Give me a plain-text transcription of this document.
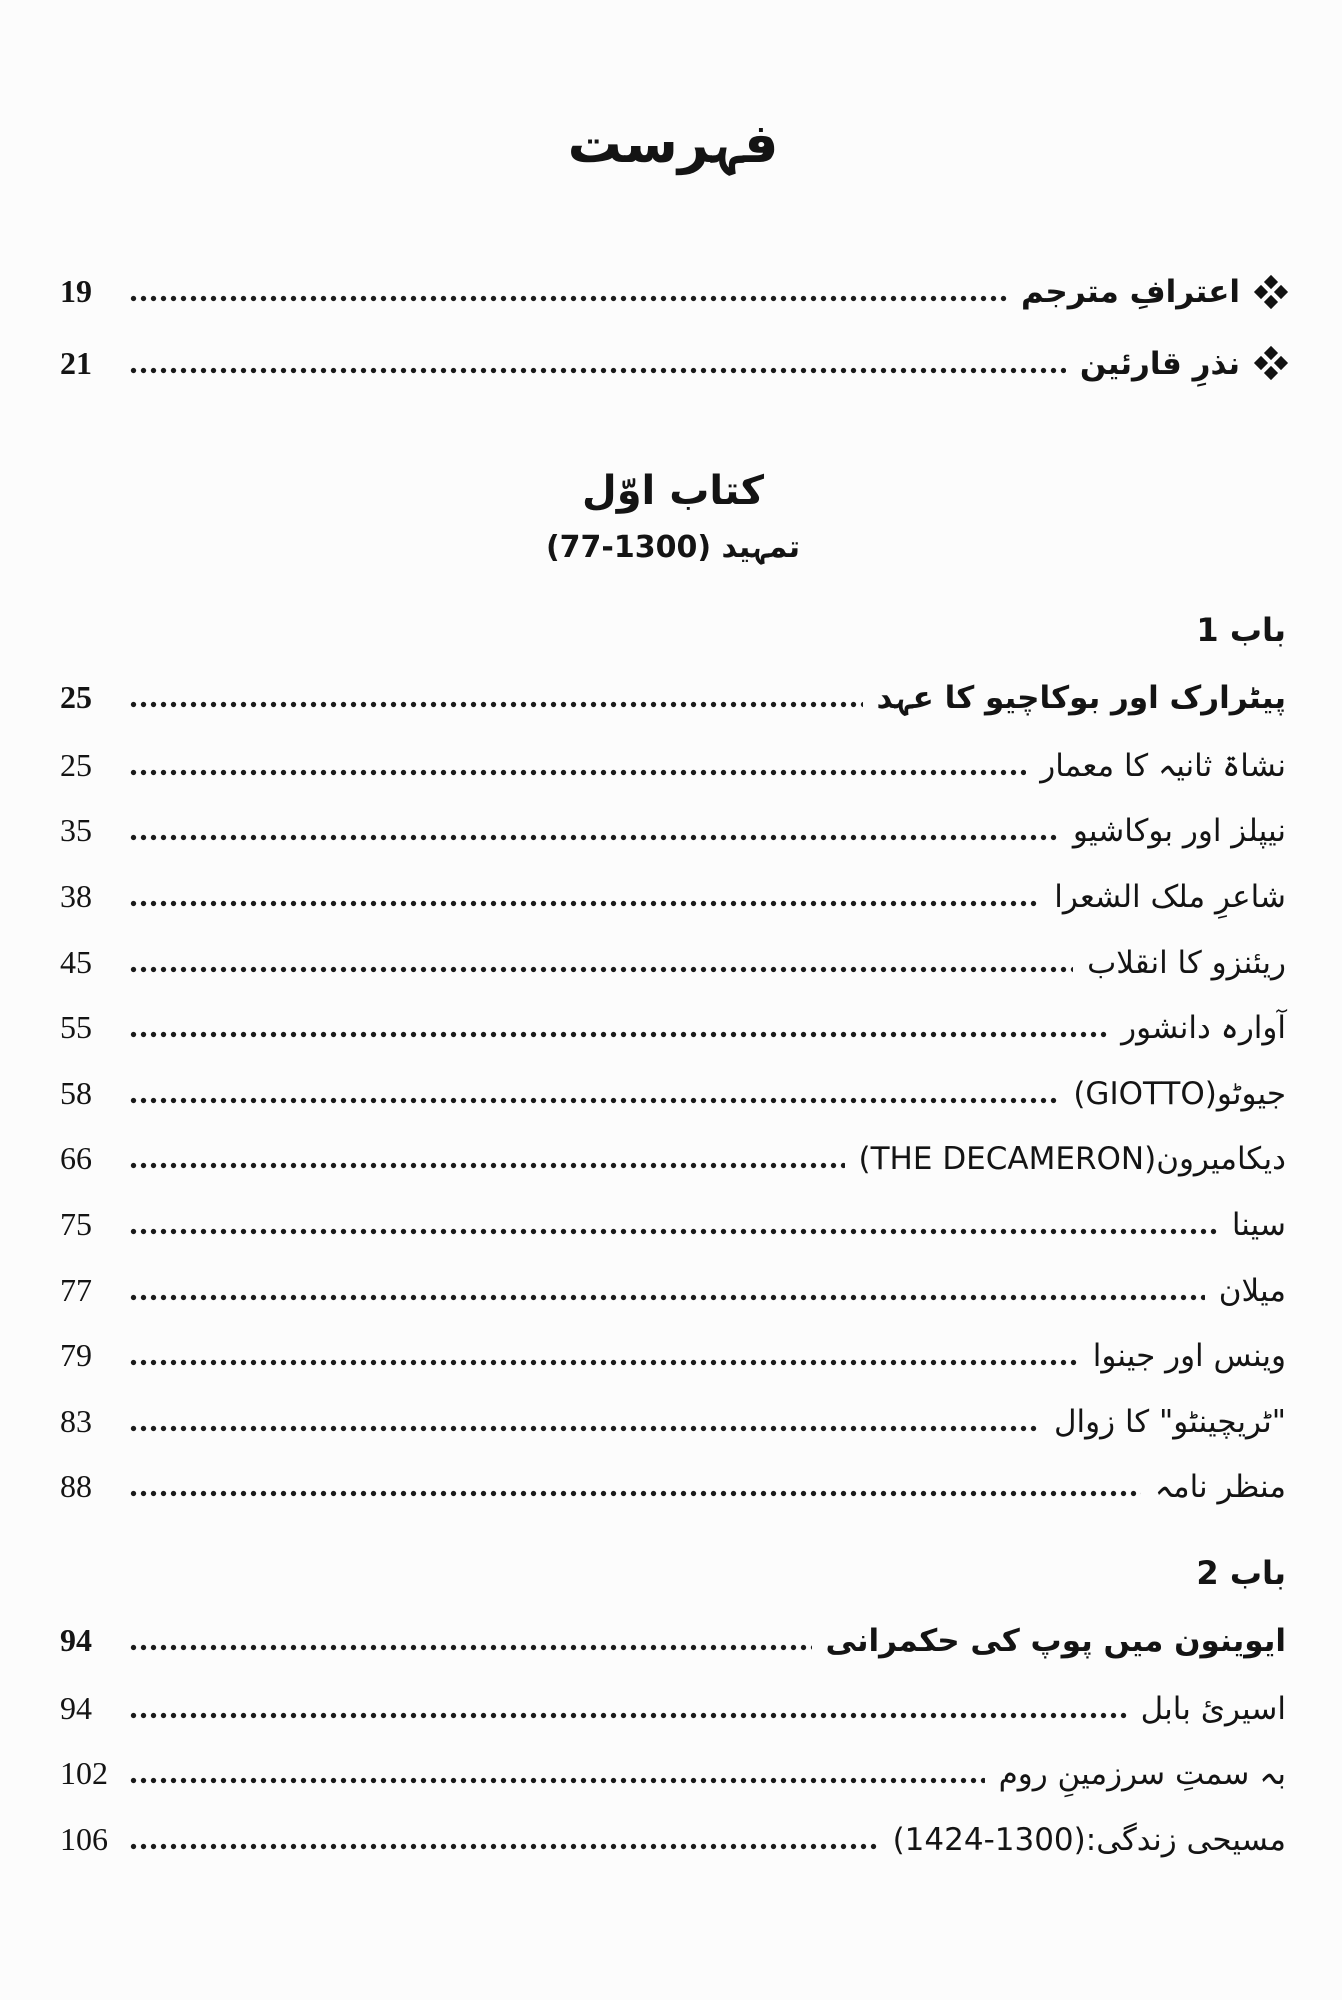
فہرست
اعترافِ مترجم
19
نذرِ قارئین
21
کتاب اوّل
تمہید (1300-77)
باب 1
پیٹرارک اور بوکاچیو کا عہد
25
نشاۃ ثانیہ کا معمار
25
نیپلز اور بوکاشیو
35
شاعرِ ملک الشعرا
38
ریئنزو کا انقلاب
45
آوارہ دانشور
55
جیوٹو(GIOTTO)
58
دیکامیرون(THE DECAMERON)
66
سینا
75
میلان
77
وینس اور جینوا
79
"ٹریچینٹو" کا زوال
83
منظر نامہ
88
باب 2
ایوینون میں پوپ کی حکمرانی
94
اسیریٔ بابل
94
بہ سمتِ سرزمینِ روم
102
مسیحی زندگی:(1300-1424)
106
